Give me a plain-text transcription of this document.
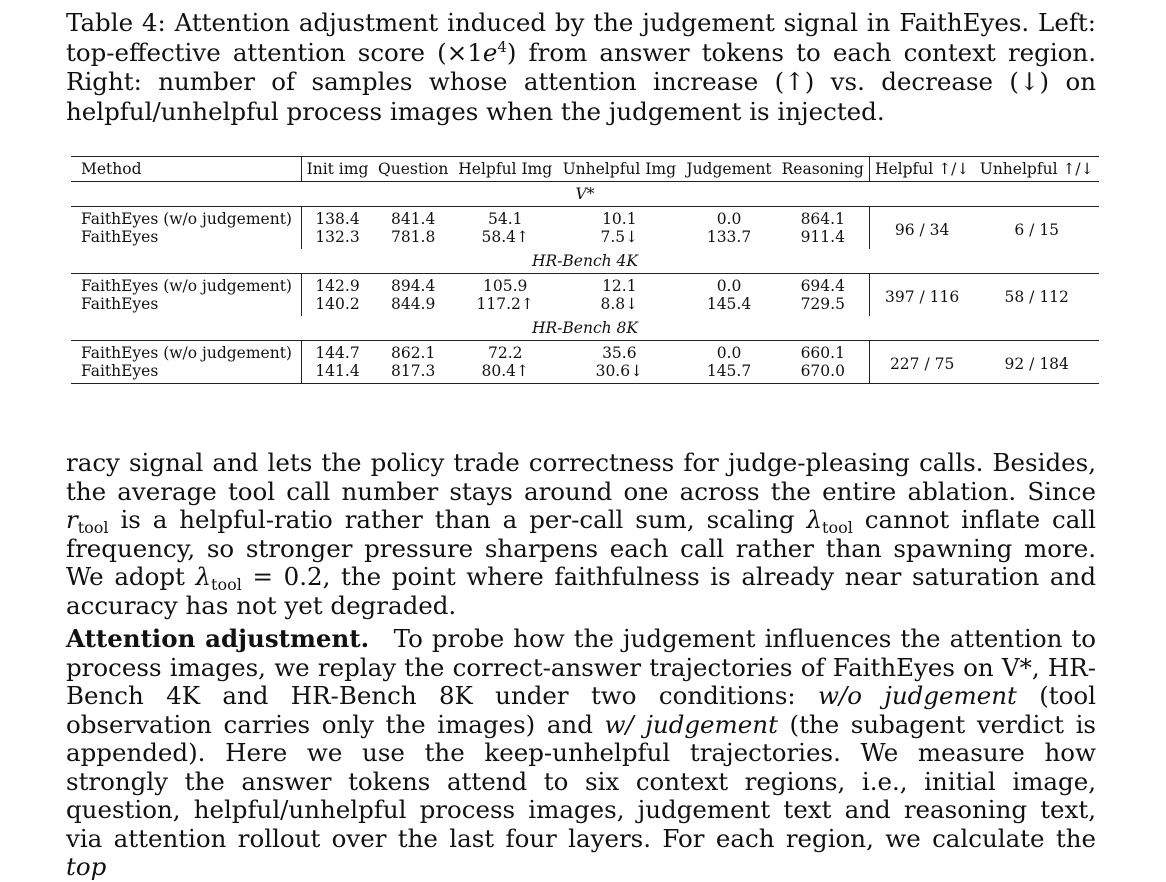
Table 4: Attention adjustment induced by the judgement signal in FaithEyes. Left: top-effective attention score $(\times 1e^4)$ from answer tokens to each context region. Right: number of samples whose attention increase (↑) vs. decrease (↓) on helpful/unhelpful process images when the judgement is injected.
Method	Init img	Question	Helpful Img	Unhelpful Img	Judgement	Reasoning	Helpful ↑/↓	Unhelpful ↑/↓
V*								
FaithEyes (w/o judgement)	138.4	841.4	54.1	10.1	0.0	864.1	96 / 34	6 / 15
FaithEyes	132.3	781.8	58.4↑	7.5↓	133.7	911.4		
HR-Bench 4K								
FaithEyes (w/o judgement)	142.9	894.4	105.9	12.1	0.0	694.4	397 / 116	58 / 112
FaithEyes	140.2	844.9	117.2↑	8.8↓	145.4	729.5		
HR-Bench 8K								
FaithEyes (w/o judgement)	144.7	862.1	72.2	35.6	0.0	660.1	227 / 75	92 / 184
FaithEyes	141.4	817.3	80.4↑	30.6↓	145.7	670.0		
racy signal and lets the policy trade correctness for judge-pleasing calls. Besides, the average tool call number stays around one across the entire ablation. Since $r_{tool}$ is a helpful-ratio rather than a per-call sum, scaling $\lambda_{tool}$ cannot inflate call frequency, so stronger pressure sharpens each call rather than spawning more. We adopt $\lambda_{tool} = 0.2$, the point where faithfulness is already near saturation and accuracy has not yet degraded.
Attention adjustment.  To probe how the judgement influences the attention to process images, we replay the correct-answer trajectories of FaithEyes on V*, HR-Bench 4K and HR-Bench 8K under two conditions: w/o judgement (tool observation carries only the images) and w/ judgement (the subagent verdict is appended). Here we use the keep-unhelpful trajectories. We measure how strongly the answer tokens attend to six context regions, i.e., initial image, question, helpful/unhelpful process images, judgement text and reasoning text, via attention rollout over the last four layers. For each region, we calculate the top
